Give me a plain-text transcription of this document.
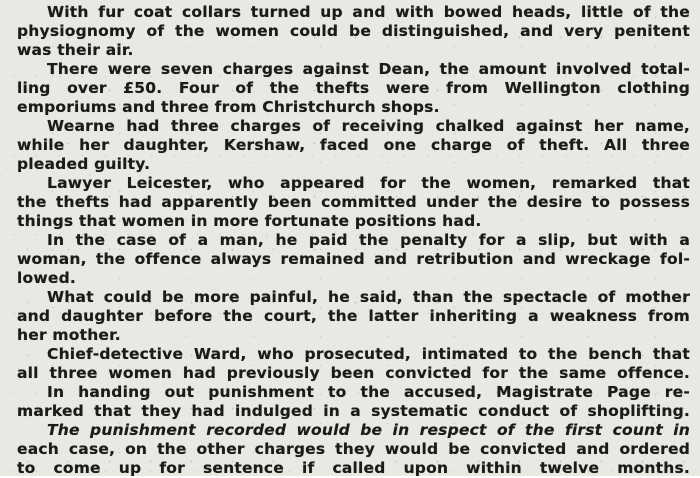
With fur coat collars turned up and with bowed heads, little of the
physiognomy of the women could be distinguished, and very penitent
was their air.
There were seven charges against Dean, the amount involved total-
ling over £50. Four of the thefts were from Wellington clothing
emporiums and three from Christchurch shops.
Wearne had three charges of receiving chalked against her name,
while her daughter, Kershaw, faced one charge of theft. All three
pleaded guilty.
Lawyer Leicester, who appeared for the women, remarked that
the thefts had apparently been committed under the desire to possess
things that women in more fortunate positions had.
In the case of a man, he paid the penalty for a slip, but with a
woman, the offence always remained and retribution and wreckage fol-
lowed.
What could be more painful, he said, than the spectacle of mother
and daughter before the court, the latter inheriting a weakness from
her mother.
Chief-detective Ward, who prosecuted, intimated to the bench that
all three women had previously been convicted for the same offence.
In handing out punishment to the accused, Magistrate Page re-
marked that they had indulged in a systematic conduct of shoplifting.
The punishment recorded would be in respect of the first count in
each case, on the other charges they would be convicted and ordered
to come up for sentence if called upon within twelve months.
